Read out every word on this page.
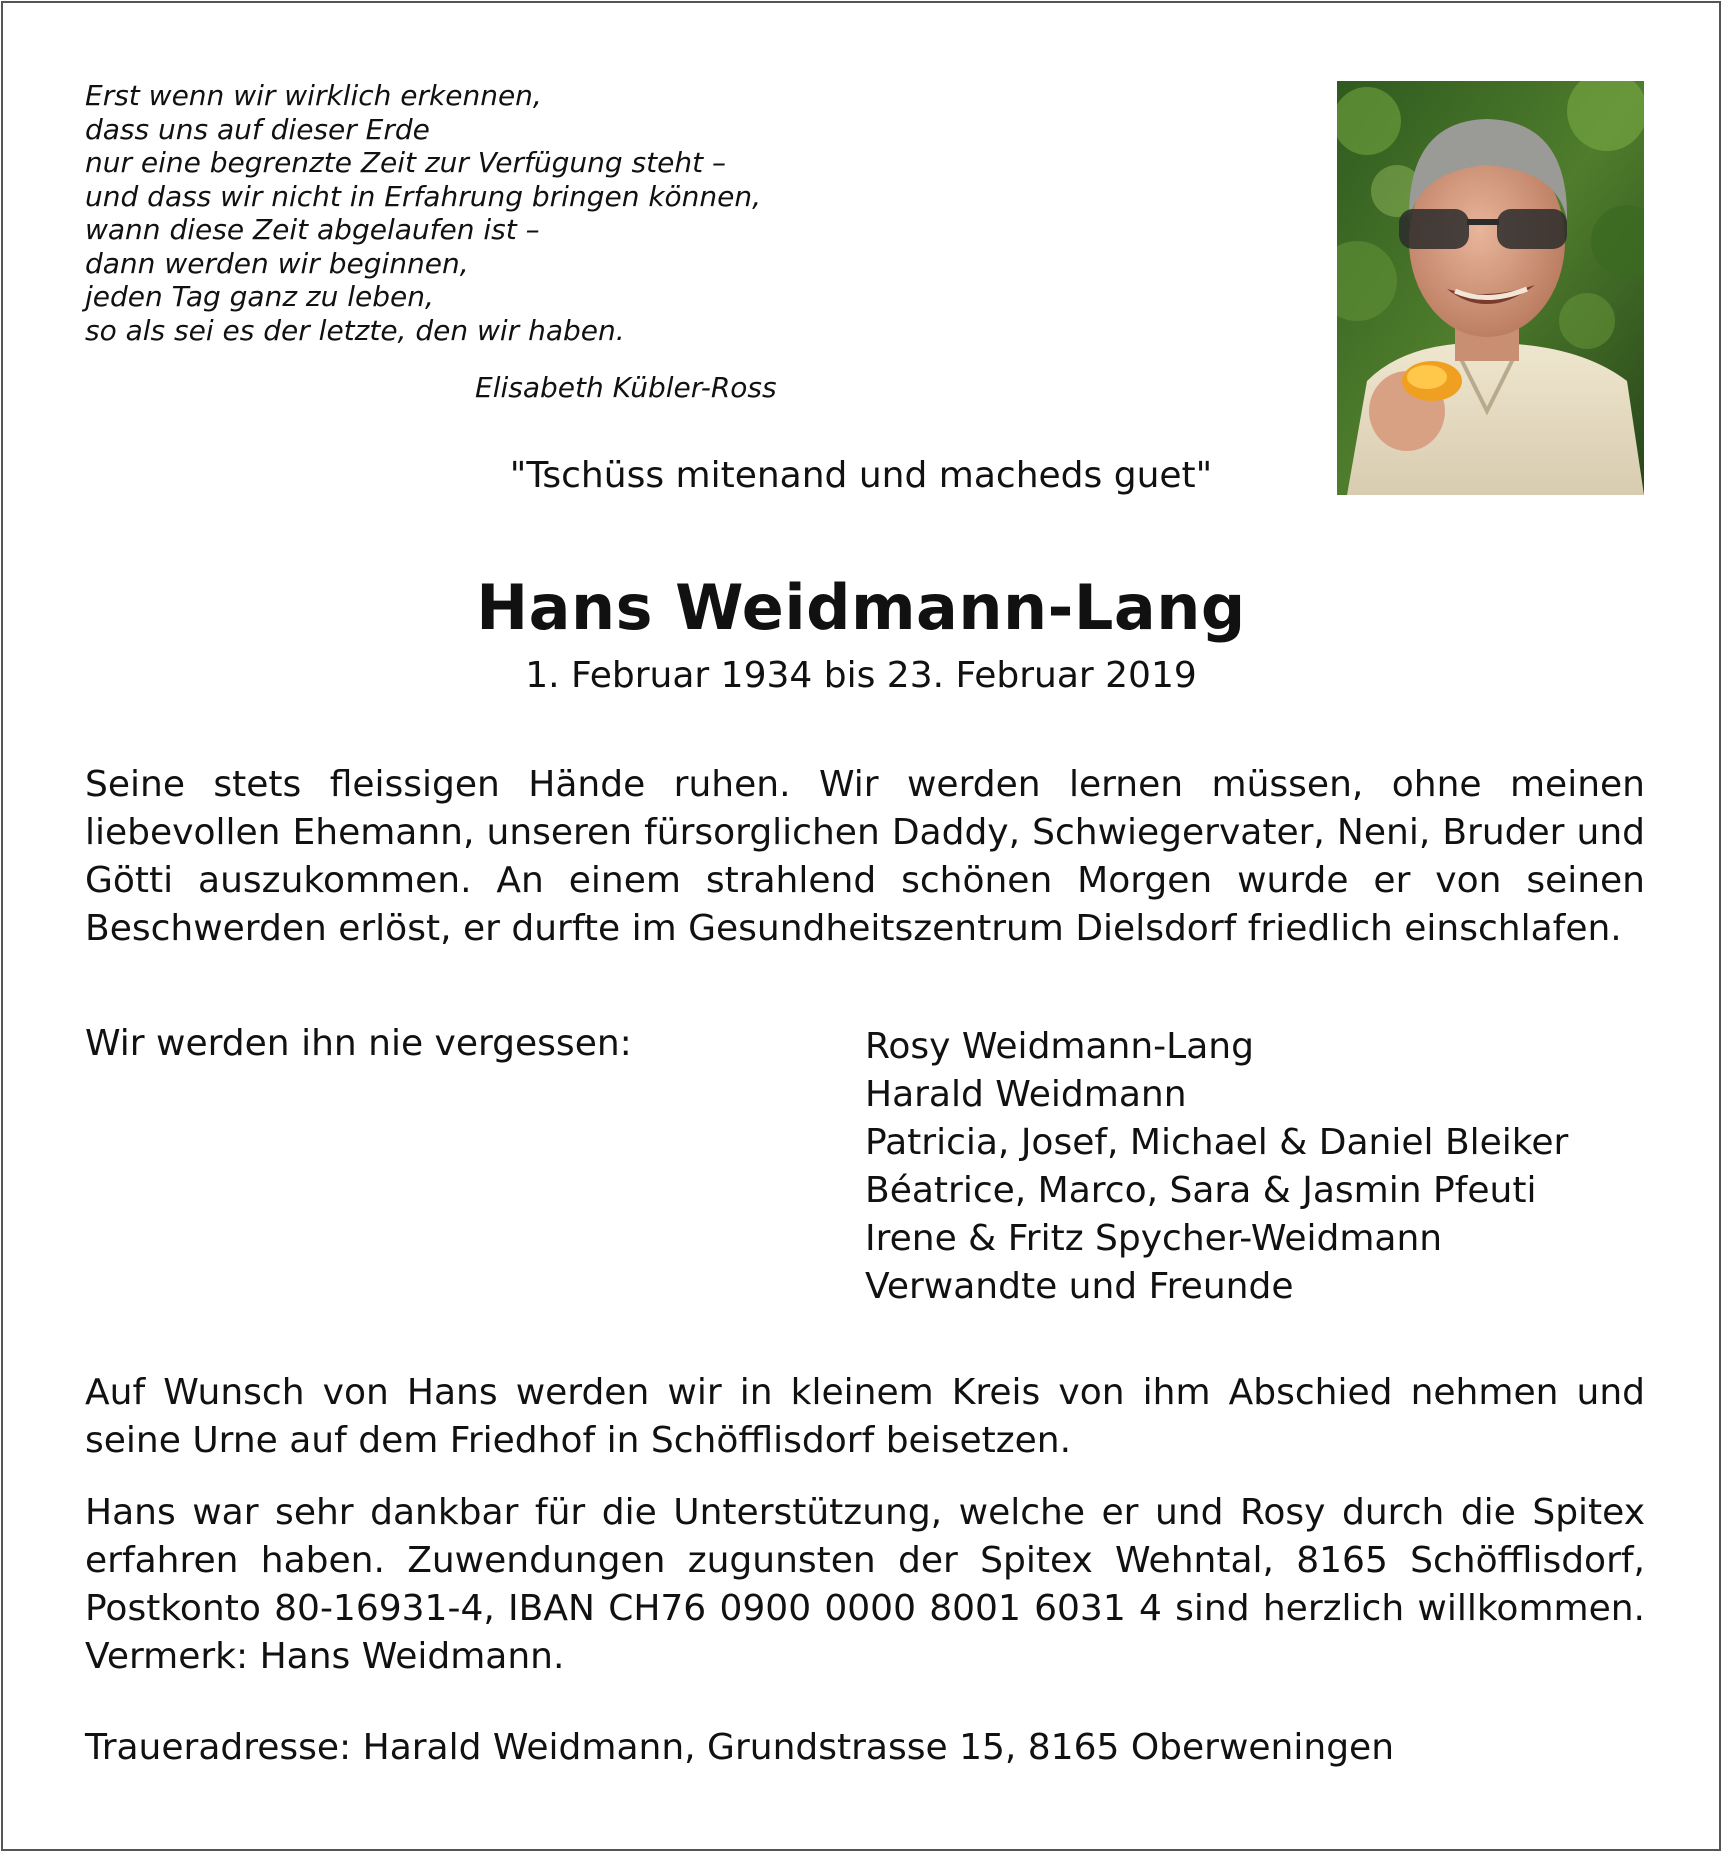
Erst wenn wir wirklich erkennen,
dass uns auf dieser Erde
nur eine begrenzte Zeit zur Verfügung steht –
und dass wir nicht in Erfahrung bringen können,
wann diese Zeit abgelaufen ist –
dann werden wir beginnen,
jeden Tag ganz zu leben,
so als sei es der letzte, den wir haben.
Elisabeth Kübler-Ross
"Tschüss mitenand und macheds guet"
Hans Weidmann-Lang
1. Februar 1934 bis 23. Februar 2019
Seine stets fleissigen Hände ruhen. Wir werden lernen müssen, ohne meinen liebevollen Ehemann, unseren fürsorglichen Daddy, Schwiegervater, Neni, Bruder und Götti auszukommen. An einem strahlend schönen Morgen wurde er von seinen Beschwerden erlöst, er durfte im Gesundheitszentrum Dielsdorf friedlich einschlafen.
Wir werden ihn nie vergessen:	Rosy Weidmann-Lang
Harald Weidmann
Patricia, Josef, Michael & Daniel Bleiker
Béatrice, Marco, Sara & Jasmin Pfeuti
Irene & Fritz Spycher-Weidmann
Verwandte und Freunde
Auf Wunsch von Hans werden wir in kleinem Kreis von ihm Abschied nehmen und seine Urne auf dem Friedhof in Schöfflisdorf beisetzen.
Hans war sehr dankbar für die Unterstützung, welche er und Rosy durch die Spitex erfahren haben. Zuwendungen zugunsten der Spitex Wehntal, 8165 Schöfflisdorf, Postkonto 80-16931-4, IBAN CH76 0900 0000 8001 6031 4 sind herzlich willkommen. Vermerk: Hans Weidmann.
Traueradresse: Harald Weidmann, Grundstrasse 15, 8165 Oberweningen
